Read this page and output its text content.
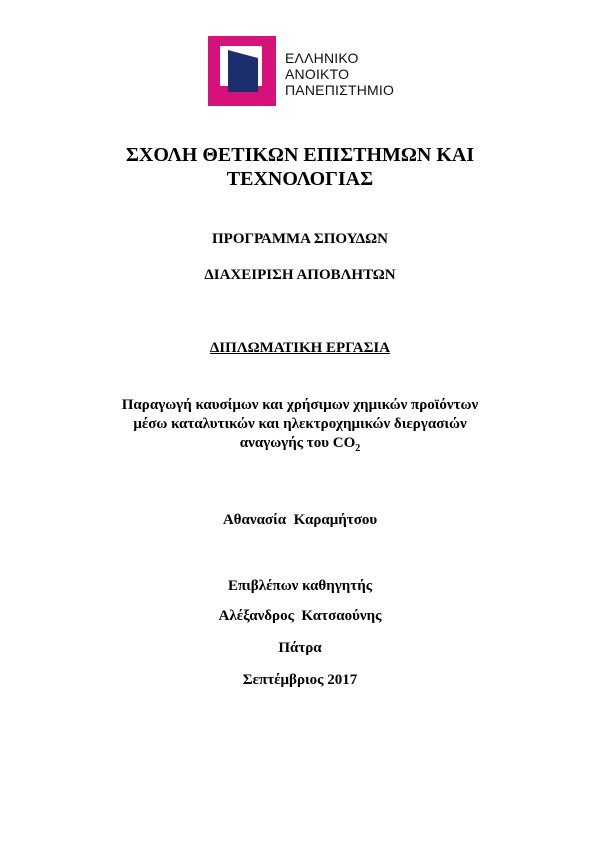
ΕΛΛΗΝΙΚΟ
ΑΝΟΙΚΤΟ
ΠΑΝΕΠΙΣΤΗΜΙΟ
ΣΧΟΛΗ ΘΕΤΙΚΩΝ ΕΠΙΣΤΗΜΩΝ ΚΑΙ
ΤΕΧΝΟΛΟΓΙΑΣ
ΠΡΟΓΡΑΜΜΑ ΣΠΟΥΔΩΝ
ΔΙΑΧΕΙΡΙΣΗ ΑΠΟΒΛΗΤΩΝ
ΔΙΠΛΩΜΑΤΙΚΗ ΕΡΓΑΣΙΑ
Παραγωγή καυσίμων και χρήσιμων χημικών προϊόντων
μέσω καταλυτικών και ηλεκτροχημικών διεργασιών
αναγωγής του $CO_2$
Αθανασία  Καραμήτσου
Επιβλέπων καθηγητής
Αλέξανδρος  Κατσαούνης
Πάτρα
Σεπτέμβριος 2017
